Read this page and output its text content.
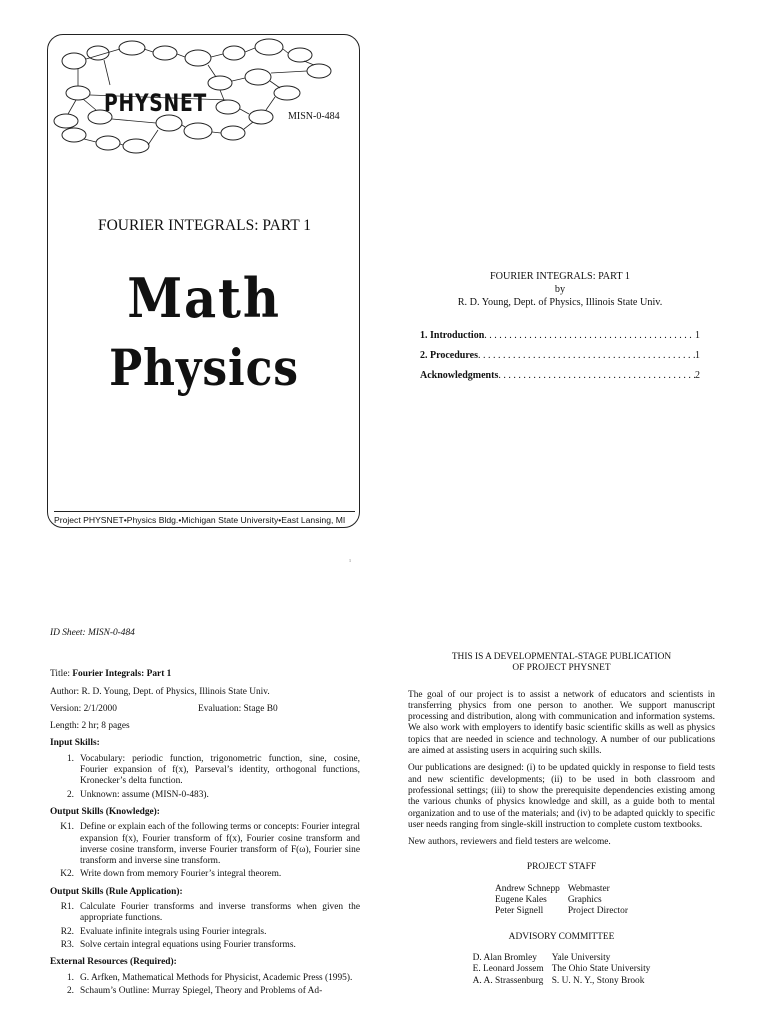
PHYSNET	MISN-0-484
FOURIER INTEGRALS: PART 1
Math
Physics
Project PHYSNET•Physics Bldg.•Michigan State University•East Lansing, MI
1
FOURIER INTEGRALS: PART 1
by
R. D. Young, Dept. of Physics, Illinois State Univ.
1. Introduction . . .	1
2. Procedures . . .	1
Acknowledgments . . .	2
ID Sheet: MISN-0-484
Title: Fourier Integrals: Part 1
Author: R. D. Young, Dept. of Physics, Illinois State Univ.
Version: 2/1/2000	Evaluation: Stage B0
Length: 2 hr; 8 pages
Input Skills:
1. Vocabulary: periodic function, trigonometric function, sine, cosine, Fourier expansion of f(x), Parseval’s identity, orthogonal functions, Kronecker’s delta function.
2. Unknown: assume (MISN-0-483).
Output Skills (Knowledge):
K1. Define or explain each of the following terms or concepts: Fourier integral expansion f(x), Fourier transform of f(x), Fourier cosine transform and inverse cosine transform, inverse Fourier transform of F(ω), Fourier sine transform and inverse sine transform.
K2. Write down from memory Fourier’s integral theorem.
Output Skills (Rule Application):
R1. Calculate Fourier transforms and inverse transforms when given the appropriate functions.
R2. Evaluate infinite integrals using Fourier integrals.
R3. Solve certain integral equations using Fourier transforms.
External Resources (Required):
1. G. Arfken, Mathematical Methods for Physicist, Academic Press (1995).
2. Schaum’s Outline: Murray Spiegel, Theory and Problems of Ad-
THIS IS A DEVELOPMENTAL-STAGE PUBLICATION
OF PROJECT PHYSNET

The goal of our project is to assist a network of educators and scientists in transferring physics from one person to another. We support manuscript processing and distribution, along with communication and information systems. We also work with employers to identify basic scientific skills as well as physics topics that are needed in science and technology. A number of our publications are aimed at assisting users in acquiring such skills.

Our publications are designed: (i) to be updated quickly in response to field tests and new scientific developments; (ii) to be used in both classroom and professional settings; (iii) to show the prerequisite dependencies existing among the various chunks of physics knowledge and skill, as a guide both to mental organization and to use of the materials; and (iv) to be adapted quickly to specific user needs ranging from single-skill instruction to complete custom textbooks.

New authors, reviewers and field testers are welcome.

PROJECT STAFF
Andrew Schnepp Webmaster
Eugene Kales	Graphics
Peter Signell	Project Director
ADVISORY COMMITTEE
D. Alan Bromley	Yale University
E. Leonard Jossem The Ohio State University
A. A. Strassenburg S. U. N. Y., Stony Brook
